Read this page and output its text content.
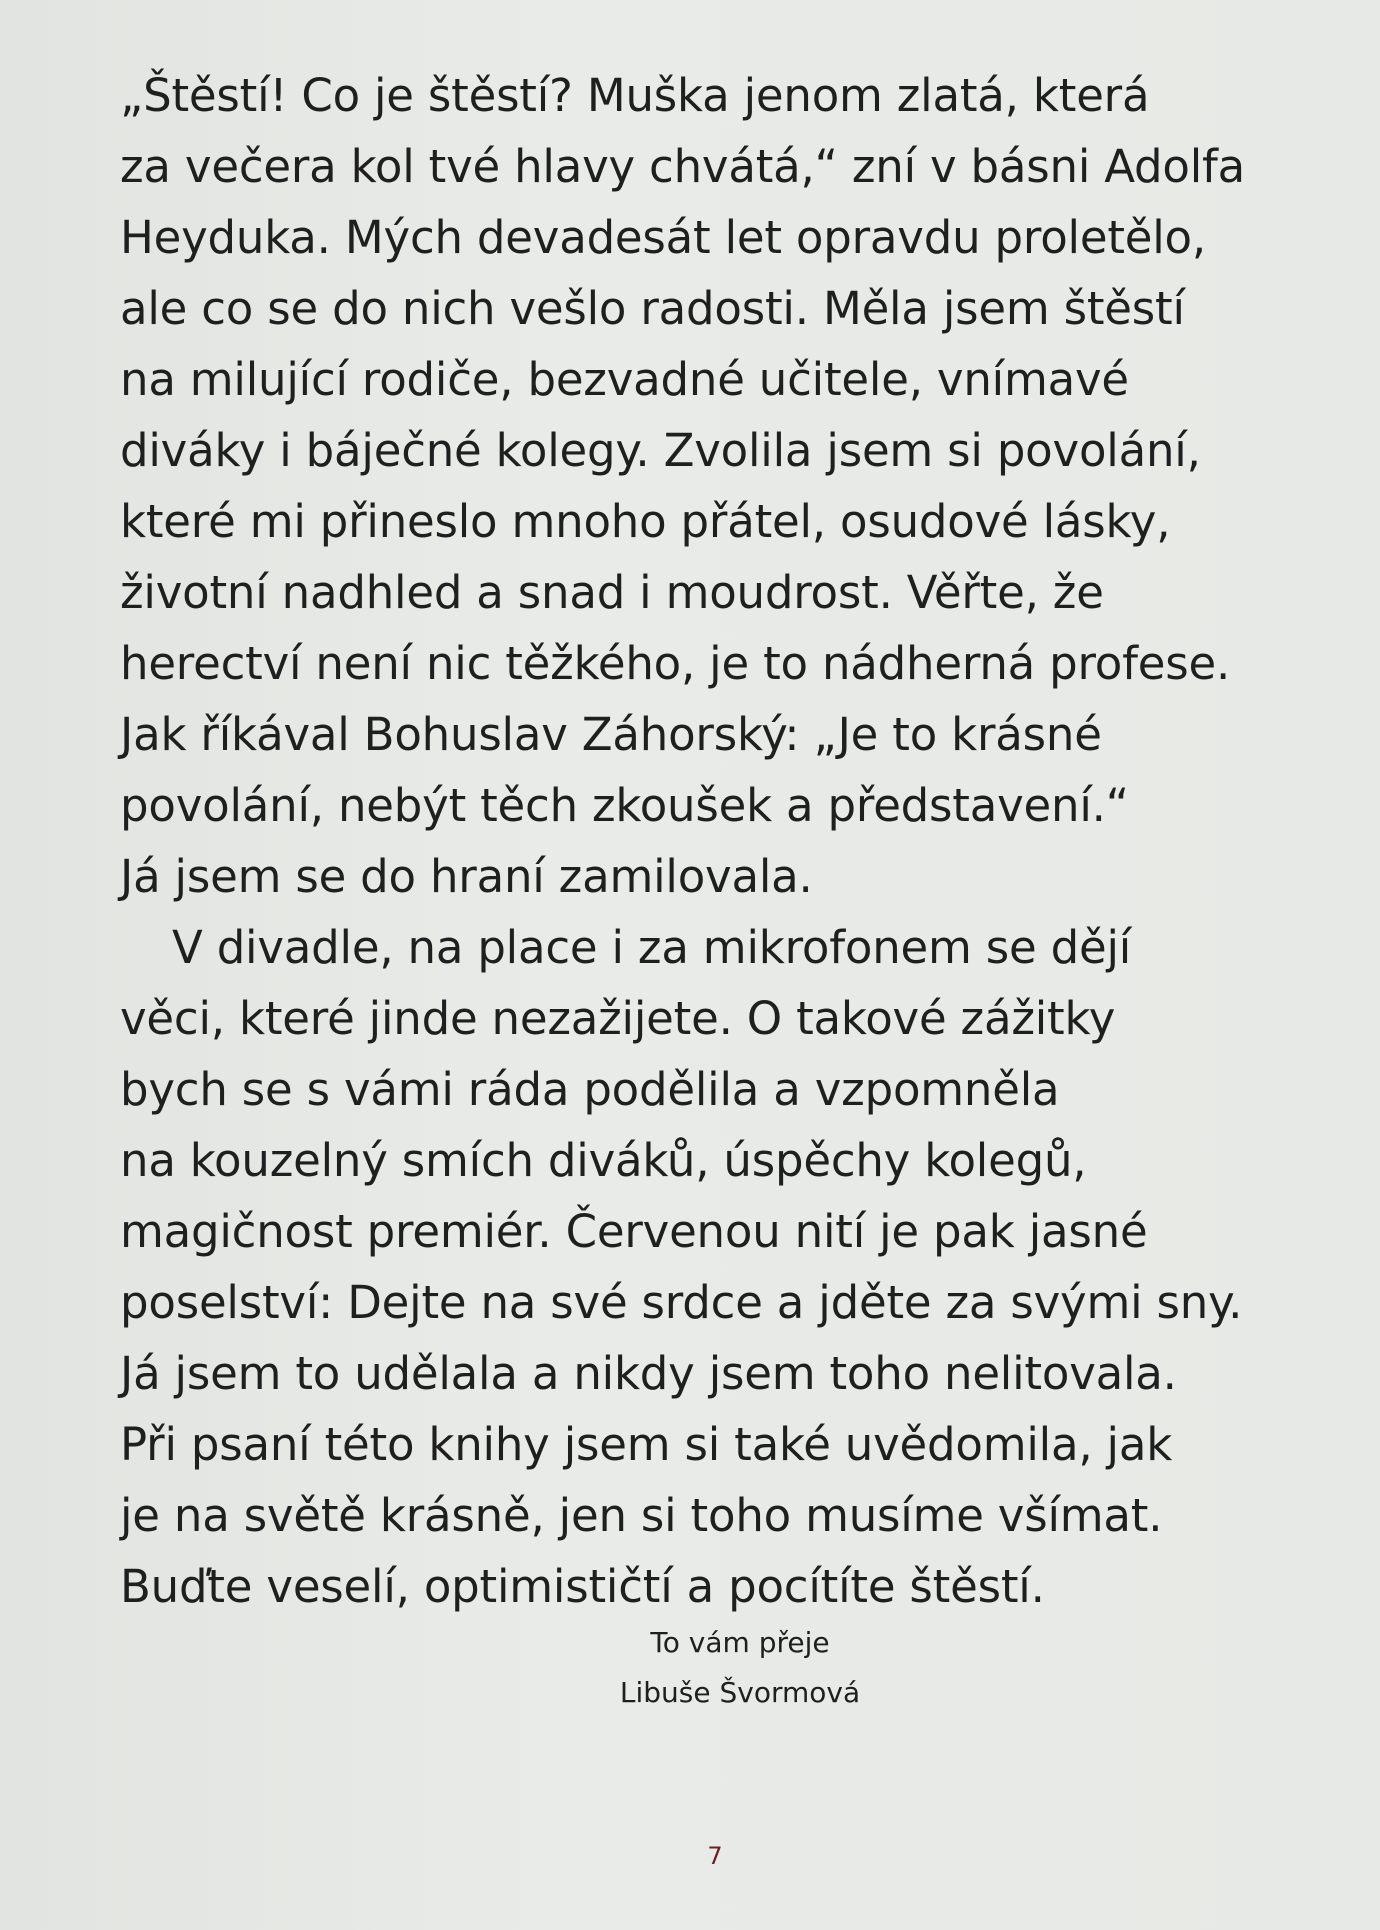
„Štěstí! Co je štěstí? Muška jenom zlatá, která
za večera kol tvé hlavy chvátá,“ zní v básni Adolfa
Heyduka. Mých devadesát let opravdu proletělo,
ale co se do nich vešlo radosti. Měla jsem štěstí
na milující rodiče, bezvadné učitele, vnímavé
diváky i báječné kolegy. Zvolila jsem si povolání,
které mi přineslo mnoho přátel, osudové lásky,
životní nadhled a snad i moudrost. Věřte, že
herectví není nic těžkého, je to nádherná profese.
Jak říkával Bohuslav Záhorský: „Je to krásné
povolání, nebýt těch zkoušek a představení.“
Já jsem se do hraní zamilovala.
V divadle, na place i za mikrofonem se dějí
věci, které jinde nezažijete. O takové zážitky
bych se s vámi ráda podělila a vzpomněla
na kouzelný smích diváků, úspěchy kolegů,
magičnost premiér. Červenou nití je pak jasné
poselství: Dejte na své srdce a jděte za svými sny.
Já jsem to udělala a nikdy jsem toho nelitovala.
Při psaní této knihy jsem si také uvědomila, jak
je na světě krásně, jen si toho musíme všímat.
Buďte veselí, optimističtí a pocítíte štěstí.
To vám přeje
Libuše Švormová
7
